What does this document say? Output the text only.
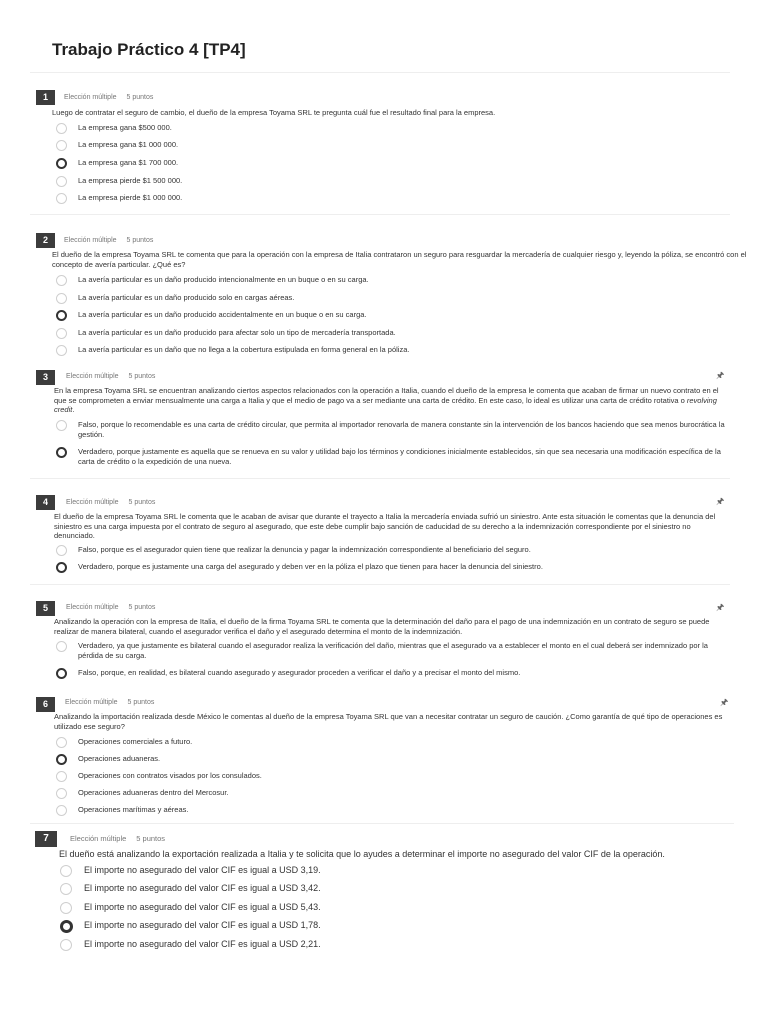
Trabajo Práctico 4 [TP4]
1	Elección múltiple 5 puntos
Luego de contratar el seguro de cambio, el dueño de la empresa Toyama SRL te pregunta cuál fue el resultado final para la empresa.
La empresa gana $500 000.
La empresa gana $1 000 000.
La empresa gana $1 700 000.
La empresa pierde $1 500 000.
La empresa pierde $1 000 000.
2	Elección múltiple 5 puntos
El dueño de la empresa Toyama SRL te comenta que para la operación con la empresa de Italia contrataron un seguro para resguardar la mercadería de cualquier riesgo y, leyendo la póliza, se encontró con el concepto de avería particular. ¿Qué es?
La avería particular es un daño producido intencionalmente en un buque o en su carga.
La avería particular es un daño producido solo en cargas aéreas.
La avería particular es un daño producido accidentalmente en un buque o en su carga.
La avería particular es un daño producido para afectar solo un tipo de mercadería transportada.
La avería particular es un daño que no llega a la cobertura estipulada en forma general en la póliza.
3	Elección múltiple 5 puntos	🖈
En la empresa Toyama SRL se encuentran analizando ciertos aspectos relacionados con la operación a Italia, cuando el dueño de la empresa le comenta que acaban de firmar un nuevo contrato en el que se comprometen a enviar mensualmente una carga a Italia y que el medio de pago va a ser mediante una carta de crédito. En este caso, lo ideal es utilizar una carta de crédito rotativa o revolving credit.
Falso, porque lo recomendable es una carta de crédito circular, que permita al importador renovarla de manera constante sin la intervención de los bancos haciendo que sea menos burocrática la gestión.
Verdadero, porque justamente es aquella que se renueva en su valor y utilidad bajo los términos y condiciones inicialmente establecidos, sin que sea necesaria una modificación específica de la carta de crédito o la expedición de una nueva.
4	Elección múltiple 5 puntos	🖈
El dueño de la empresa Toyama SRL le comenta que le acaban de avisar que durante el trayecto a Italia la mercadería enviada sufrió un siniestro. Ante esta situación le comentas que la denuncia del siniestro es una carga impuesta por el contrato de seguro al asegurado, que este debe cumplir bajo sanción de caducidad de su derecho a la indemnización correspondiente por el siniestro no denunciado.
Falso, porque es el asegurador quien tiene que realizar la denuncia y pagar la indemnización correspondiente al beneficiario del seguro.
Verdadero, porque es justamente una carga del asegurado y deben ver en la póliza el plazo que tienen para hacer la denuncia del siniestro.
5	Elección múltiple 5 puntos	🖈
Analizando la operación con la empresa de Italia, el dueño de la firma Toyama SRL te comenta que la determinación del daño para el pago de una indemnización en un contrato de seguro se puede realizar de manera bilateral, cuando el asegurador verifica el daño y el asegurado determina el monto de la indemnización.
Verdadero, ya que justamente es bilateral cuando el asegurador realiza la verificación del daño, mientras que el asegurado va a establecer el monto en el cual deberá ser indemnizado por la pérdida de su carga.
Falso, porque, en realidad, es bilateral cuando asegurado y asegurador proceden a verificar el daño y a precisar el monto del mismo.
6	Elección múltiple 5 puntos	🖈
Analizando la importación realizada desde México le comentas al dueño de la empresa Toyama SRL que van a necesitar contratar un seguro de caución. ¿Como garantía de qué tipo de operaciones es utilizado ese seguro?
Operaciones comerciales a futuro.
Operaciones aduaneras.
Operaciones con contratos visados por los consulados.
Operaciones aduaneras dentro del Mercosur.
Operaciones marítimas y aéreas.
7	Elección múltiple 5 puntos
El dueño está analizando la exportación realizada a Italia y te solicita que lo ayudes a determinar el importe no asegurado del valor CIF de la operación.
El importe no asegurado del valor CIF es igual a USD 3,19.
El importe no asegurado del valor CIF es igual a USD 3,42.
El importe no asegurado del valor CIF es igual a USD 5,43.
El importe no asegurado del valor CIF es igual a USD 1,78.
El importe no asegurado del valor CIF es igual a USD 2,21.
